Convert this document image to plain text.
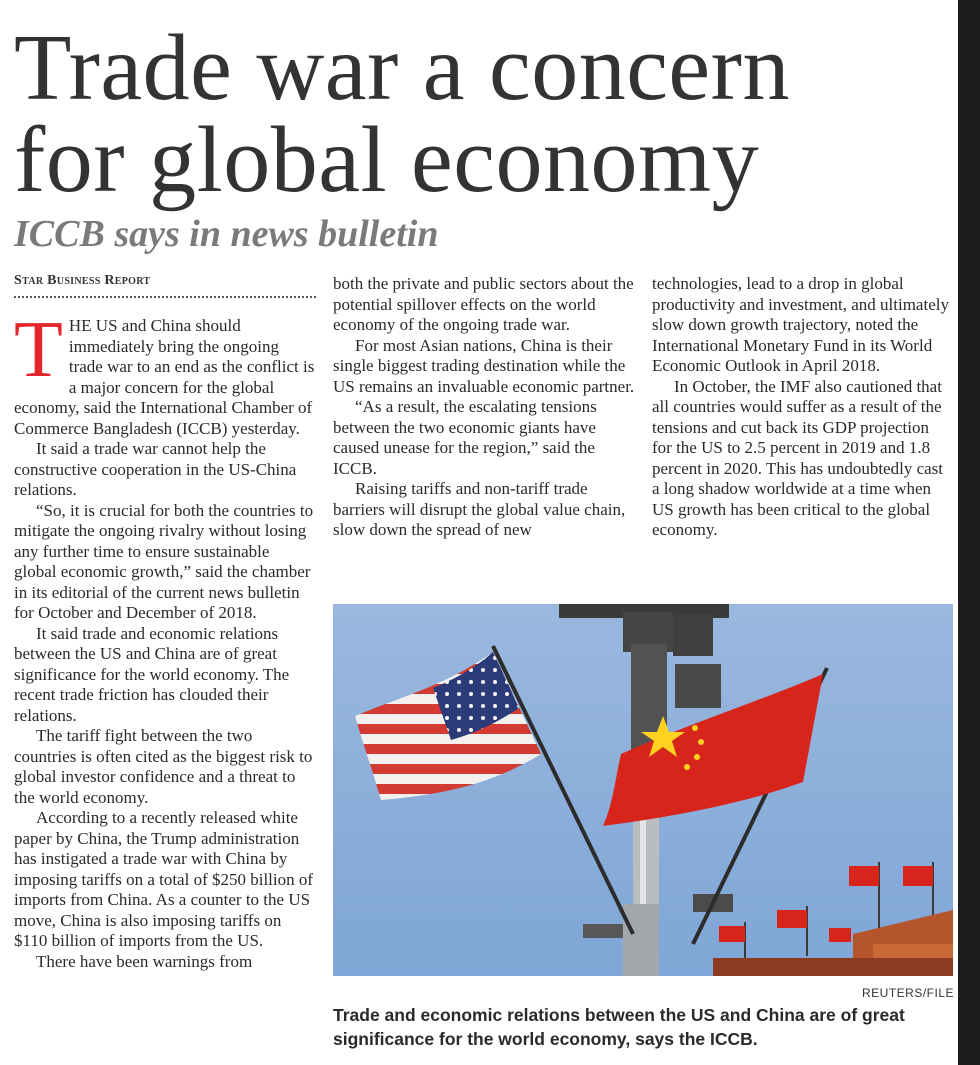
Trade war a concern
for global economy
ICCB says in news bulletin
Star Business Report
T HE US and China should immediately bring the ongoing trade war to an end as the conflict is a major concern for the global economy, said the International Chamber of Commerce Bangladesh (ICCB) yesterday.

It said a trade war cannot help the constructive cooperation in the US-China relations.

“So, it is crucial for both the countries to mitigate the ongoing rivalry without losing any further time to ensure sustainable global economic growth,” said the chamber in its editorial of the current news bulletin for October and December of 2018.

It said trade and economic relations between the US and China are of great significance for the world economy. The recent trade friction has clouded their relations.

The tariff fight between the two countries is often cited as the biggest risk to global investor confidence and a threat to the world economy.

According to a recently released white paper by China, the Trump administration has instigated a trade war with China by imposing tariffs on a total of $250 billion of imports from China. As a counter to the US move, China is also imposing tariffs on $110 billion of imports from the US.

There have been warnings from

both the private and public sectors about the potential spillover effects on the world economy of the ongoing trade war.

For most Asian nations, China is their single biggest trading destination while the US remains an invaluable economic partner.

“As a result, the escalating tensions between the two economic giants have caused unease for the region,” said the ICCB.

Raising tariffs and non-tariff trade barriers will disrupt the global value chain, slow down the spread of new

technologies, lead to a drop in global productivity and investment, and ultimately slow down growth trajectory, noted the International Monetary Fund in its World Economic Outlook in April 2018.

In October, the IMF also cautioned that all countries would suffer as a result of the tensions and cut back its GDP projection for the US to 2.5 percent in 2019 and 1.8 percent in 2020. This has undoubtedly cast a long shadow worldwide at a time when US growth has been critical to the global economy.

REUTERS/FILE

Trade and economic relations between the US and China are of great significance for the world economy, says the ICCB.
